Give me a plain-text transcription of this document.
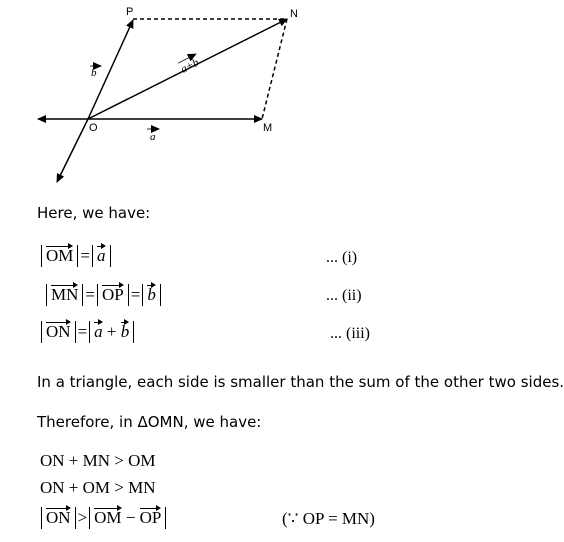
P	N
O	M
b
a
a+b
Here, we have:
OM = a	... (i)
MN = OP = b	... (ii)
ON = a + b	... (iii)
In a triangle, each side is smaller than the sum of the other two sides.
Therefore, in ΔOMN, we have:
ON + MN > OM
ON + OM > MN
ON > OM − OP	(∵ OP = MN)
